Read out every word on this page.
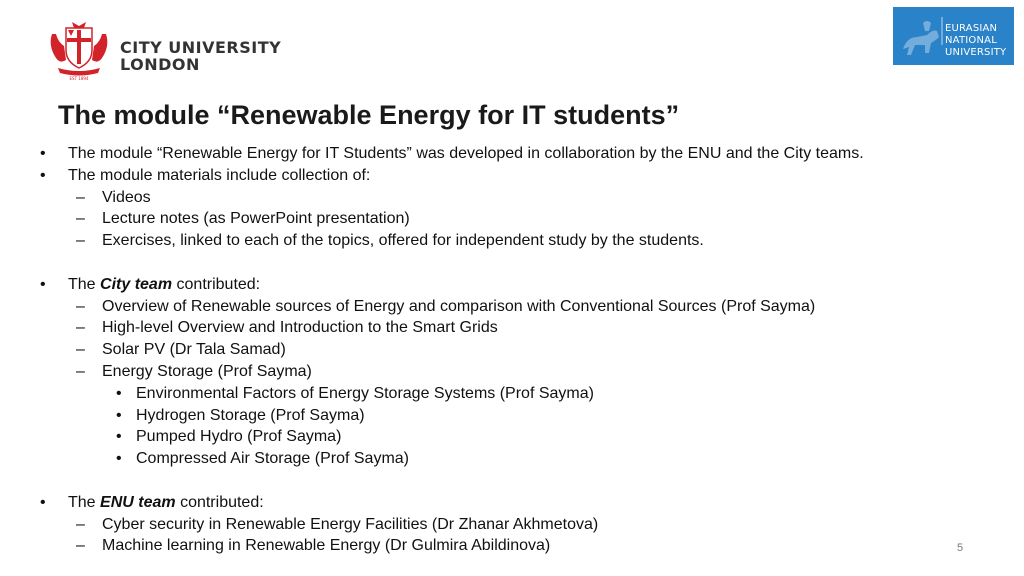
EST 1894
CITY UNIVERSITY
LONDON
EURASIAN
NATIONAL
UNIVERSITY
The module “Renewable Energy for IT students”
• The module “Renewable Energy for IT Students” was developed in collaboration by the ENU and the City teams.
• The module materials include collection of:
– Videos
– Lecture notes (as PowerPoint presentation)
– Exercises, linked to each of the topics, offered for independent study by the students.
• The City team contributed:
– Overview of Renewable sources of Energy and comparison with Conventional Sources (Prof Sayma)
– High-level Overview and Introduction to the Smart Grids
– Solar PV (Dr Tala Samad)
– Energy Storage (Prof Sayma)
• Environmental Factors of Energy Storage Systems (Prof Sayma)
• Hydrogen Storage (Prof Sayma)
• Pumped Hydro (Prof Sayma)
• Compressed Air Storage (Prof Sayma)
• The ENU team contributed:
– Cyber security in Renewable Energy Facilities (Dr Zhanar Akhmetova)
– Machine learning in Renewable Energy (Dr Gulmira Abildinova)	5
